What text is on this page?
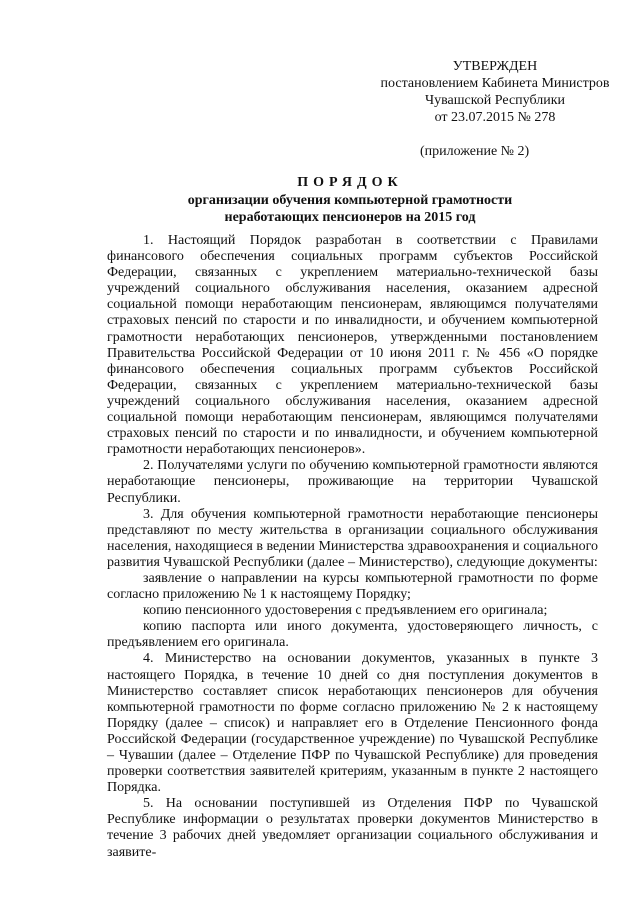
УТВЕРЖДЕН
постановлением Кабинета Министров
Чувашской Республики
от 23.07.2015 № 278
(приложение № 2)
ПОРЯДОК
организации обучения компьютерной грамотности
неработающих пенсионеров на 2015 год

1. Настоящий Порядок разработан в соответствии с Правилами финансового обеспечения социальных программ субъектов Российской Федерации, связанных с укреплением материально-технической базы учреждений социального обслуживания населения, оказанием адресной социальной помощи неработающим пенсионерам, являющимся получателями страховых пенсий по старости и по инвалидности, и обучением компьютерной грамотности неработающих пенсионеров, утвержденными постановлением Правительства Российской Федерации от 10 июня 2011 г. № 456 «О порядке финансового обеспечения социальных программ субъектов Российской Федерации, связанных с укреплением материально-технической базы учреждений социального обслуживания населения, оказанием адресной социальной помощи неработающим пенсионерам, являющимся получателями страховых пенсий по старости и по инвалидности, и обучением компьютерной грамотности неработающих пенсионеров».

2. Получателями услуги по обучению компьютерной грамотности являются неработающие пенсионеры, проживающие на территории Чувашской Республики.

3. Для обучения компьютерной грамотности неработающие пенсионеры представляют по месту жительства в организации социального обслуживания населения, находящиеся в ведении Министерства здравоохранения и социального развития Чувашской Республики (далее – Министерство), следующие документы:

заявление о направлении на курсы компьютерной грамотности по форме согласно приложению № 1 к настоящему Порядку;

копию пенсионного удостоверения с предъявлением его оригинала;

копию паспорта или иного документа, удостоверяющего личность, с предъявлением его оригинала.

4. Министерство на основании документов, указанных в пункте 3 настоящего Порядка, в течение 10 дней со дня поступления документов в Министерство составляет список неработающих пенсионеров для обучения компьютерной грамотности по форме согласно приложению № 2 к настоящему Порядку (далее – список) и направляет его в Отделение Пенсионного фонда Российской Федерации (государственное учреждение) по Чувашской Республике – Чувашии (далее – Отделение ПФР по Чувашской Республике) для проведения проверки соответствия заявителей критериям, указанным в пункте 2 настоящего Порядка.

5. На основании поступившей из Отделения ПФР по Чувашской Республике информации о результатах проверки документов Министерство в течение 3 рабочих дней уведомляет организации социального обслуживания и заявите-
